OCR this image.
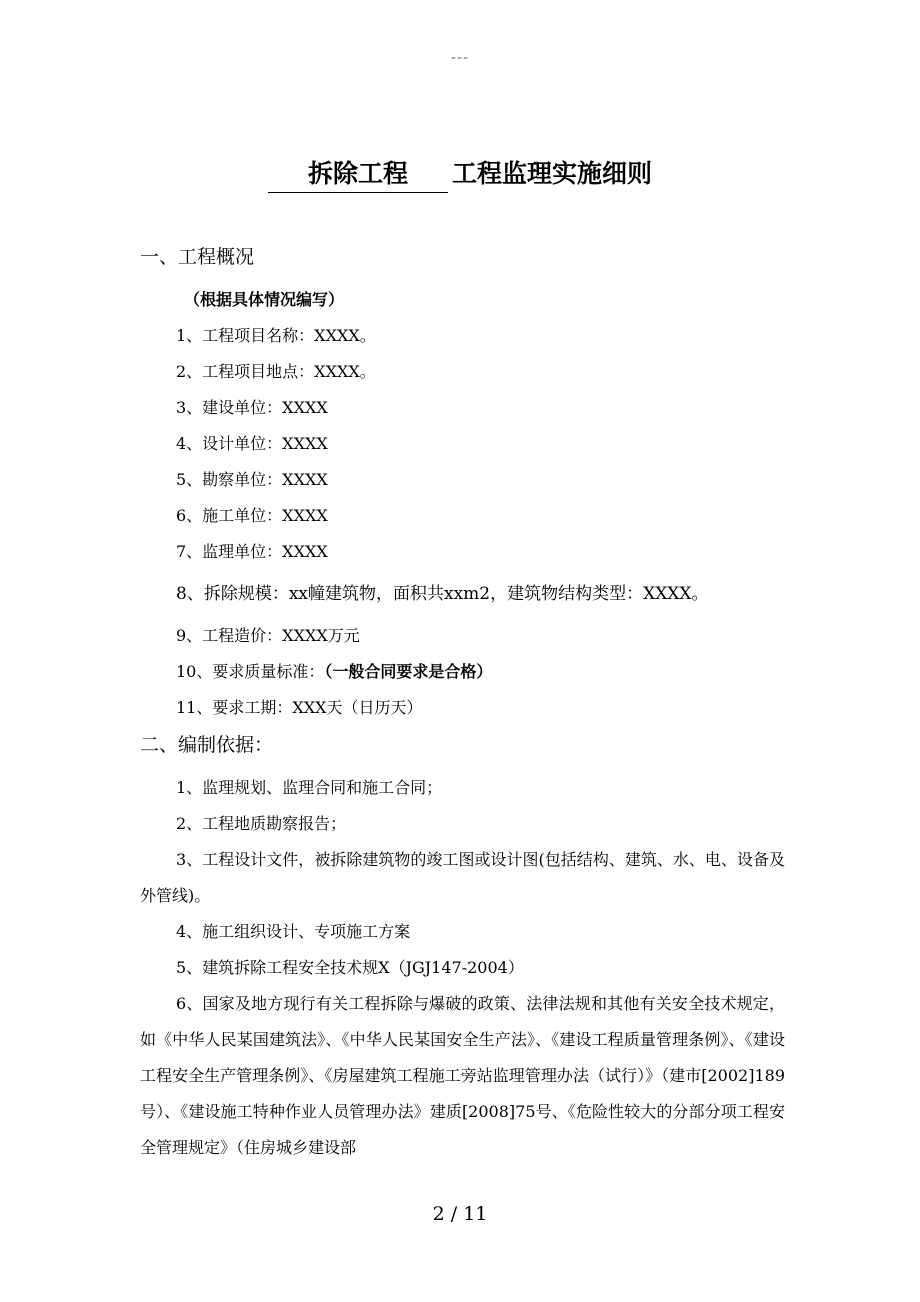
---
拆除工程 工程监理实施细则

一、工程概况

（根据具体情况编写）

1、工程项目名称：XXXX。

2、工程项目地点：XXXX。

3、建设单位：XXXX

4、设计单位：XXXX

5、勘察单位：XXXX

6、施工单位：XXXX

7、监理单位：XXXX

8、拆除规模：xx幢建筑物，面积共xxm2，建筑物结构类型：XXXX。

9、工程造价：XXXX万元

10、要求质量标准：（一般合同要求是合格）

11、要求工期：XXX天（日历天）

二、编制依据：

1、监理规划、监理合同和施工合同；

2、工程地质勘察报告；

3、工程设计文件，被拆除建筑物的竣工图或设计图(包括结构、建筑、水、电、设备及外管线)。

4、施工组织设计、专项施工方案

5、建筑拆除工程安全技术规X（JGJ147-2004）

6、国家及地方现行有关工程拆除与爆破的政策、法律法规和其他有关安全技术规定，如《中华人民某国建筑法》、《中华人民某国安全生产法》、《建设工程质量管理条例》、《建设工程安全生产管理条例》、《房屋建筑工程施工旁站监理管理办法（试行）》（建市[2002]189号）、《建设施工特种作业人员管理办法》建质[2008]75号、《危险性较大的分部分项工程安全管理规定》（住房城乡建设部

2 / 11
